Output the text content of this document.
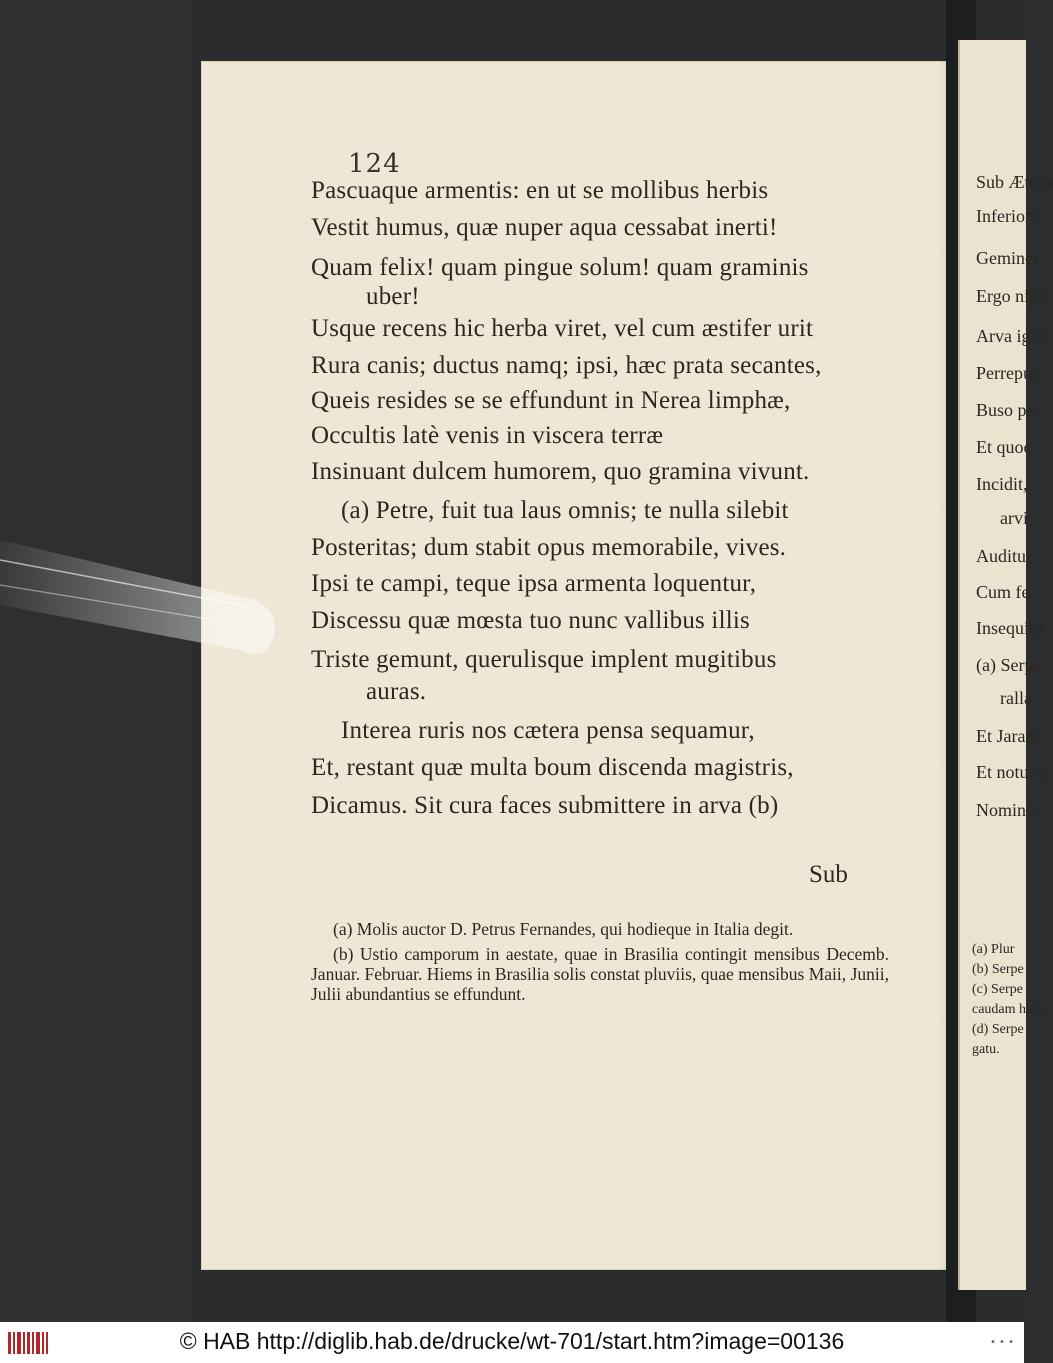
124
Pascuaque armentis: en ut se mollibus herbis
Vestit humus, quæ nuper aqua cessabat inerti!
Quam felix! quam pingue solum! quam graminis
uber!
Usque recens hic herba viret, vel cum æstifer urit
Rura canis; ductus namq; ipsi, hæc prata secantes,
Queis resides se se effundunt in Nerea limphæ,
Occultis latè venis in viscera terræ
Insinuant dulcem humorem, quo gramina vivunt.
(a) Petre, fuit tua laus omnis; te nulla silebit
Posteritas; dum stabit opus memorabile, vives.
Ipsi te campi, teque ipsa armenta loquentur,
Discessu quæ mœsta tuo nunc vallibus illis
Triste gemunt, querulisque implent mugitibus
auras.
Interea ruris nos cætera pensa sequamur,
Et, restant quæ multa boum discenda magistris,
Dicamus. Sit cura faces submittere in arva (b)
Sub

(a) Molis auctor D. Petrus Fernandes, qui hodieque in Italia degit.

(b) Ustio camporum in aestate, quae in Brasilia contingit mensibus Decemb. Januar. Februar. Hiems in Brasilia solis constat pluviis, quae mensibus Maii, Junii, Julii abundantius se effundunt.

Sub Ætern
Inferiora
Geminet
Ergo nige
Arva igni
Perrepun
Buso pe
Et quoc
Incidit,
arvi
Auditur
Cum fe
Insequitu
(a) Serpe
ralla
Et Jarara
Et notus c
Nomine,
(a) Plur
(b) Serpe
(c) Serpe
caudam habe
(d) Serpe
gatu.
© HAB http://diglib.hab.de/drucke/wt-701/start.htm?image=00136	• • •
